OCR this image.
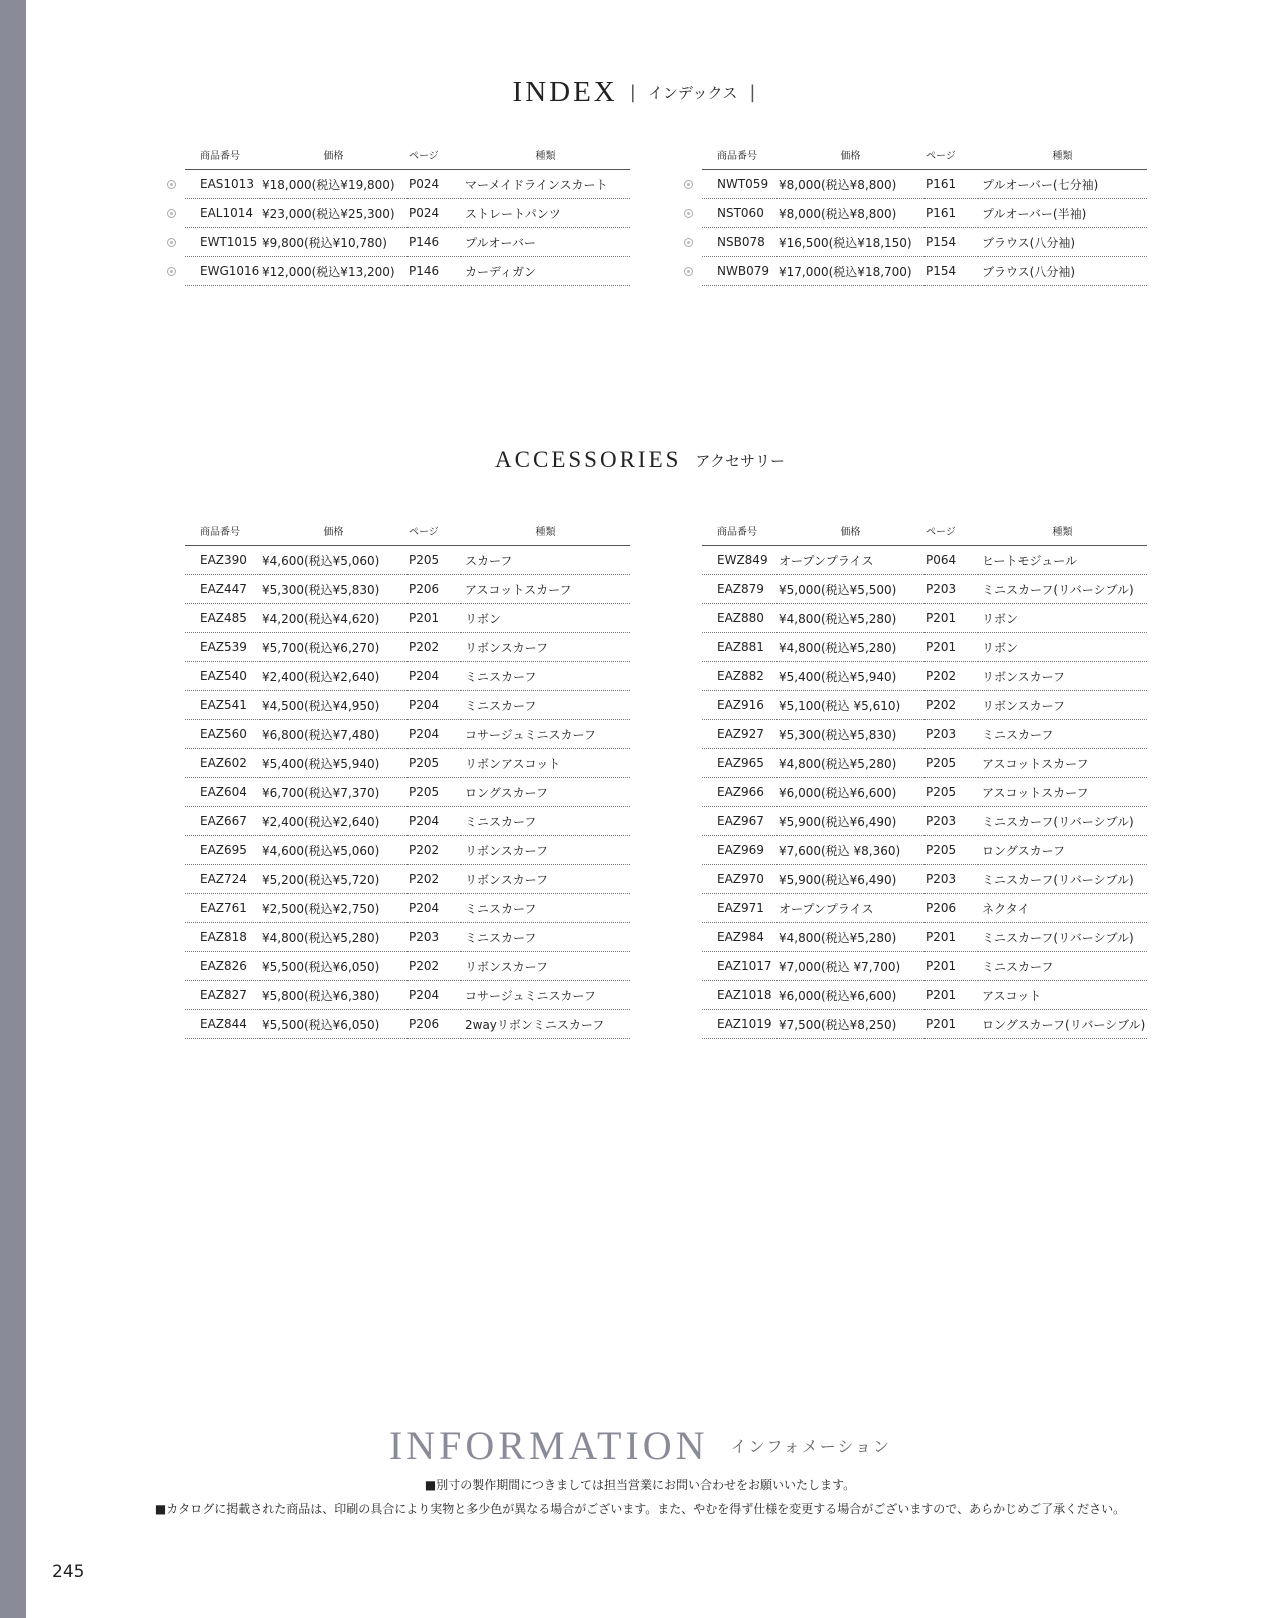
INDEX | インデックス |
商品番号	価格	ページ	種類
EAS1013	¥18,000(税込¥19,800)	P024	マーメイドラインスカート
EAL1014	¥23,000(税込¥25,300)	P024	ストレートパンツ
EWT1015	¥9,800(税込¥10,780)	P146	プルオーバー
EWG1016	¥12,000(税込¥13,200)	P146	カーディガン
商品番号	価格	ページ	種類
NWT059	¥8,000(税込¥8,800)	P161	プルオーバー(七分袖)
NST060	¥8,000(税込¥8,800)	P161	プルオーバー(半袖)
NSB078	¥16,500(税込¥18,150)	P154	ブラウス(八分袖)
NWB079	¥17,000(税込¥18,700)	P154	ブラウス(八分袖)
ACCESSORIES アクセサリー
商品番号	価格	ページ	種類
EAZ390	¥4,600(税込¥5,060)	P205	スカーフ
EAZ447	¥5,300(税込¥5,830)	P206	アスコットスカーフ
EAZ485	¥4,200(税込¥4,620)	P201	リボン
EAZ539	¥5,700(税込¥6,270)	P202	リボンスカーフ
EAZ540	¥2,400(税込¥2,640)	P204	ミニスカーフ
EAZ541	¥4,500(税込¥4,950)	P204	ミニスカーフ
EAZ560	¥6,800(税込¥7,480)	P204	コサージュミニスカーフ
EAZ602	¥5,400(税込¥5,940)	P205	リボンアスコット
EAZ604	¥6,700(税込¥7,370)	P205	ロングスカーフ
EAZ667	¥2,400(税込¥2,640)	P204	ミニスカーフ
EAZ695	¥4,600(税込¥5,060)	P202	リボンスカーフ
EAZ724	¥5,200(税込¥5,720)	P202	リボンスカーフ
EAZ761	¥2,500(税込¥2,750)	P204	ミニスカーフ
EAZ818	¥4,800(税込¥5,280)	P203	ミニスカーフ
EAZ826	¥5,500(税込¥6,050)	P202	リボンスカーフ
EAZ827	¥5,800(税込¥6,380)	P204	コサージュミニスカーフ
EAZ844	¥5,500(税込¥6,050)	P206	2wayリボンミニスカーフ
商品番号	価格	ページ	種類
EWZ849	オープンプライス	P064	ヒートモジュール
EAZ879	¥5,000(税込¥5,500)	P203	ミニスカーフ(リバーシブル)
EAZ880	¥4,800(税込¥5,280)	P201	リボン
EAZ881	¥4,800(税込¥5,280)	P201	リボン
EAZ882	¥5,400(税込¥5,940)	P202	リボンスカーフ
EAZ916	¥5,100(税込 ¥5,610)	P202	リボンスカーフ
EAZ927	¥5,300(税込¥5,830)	P203	ミニスカーフ
EAZ965	¥4,800(税込¥5,280)	P205	アスコットスカーフ
EAZ966	¥6,000(税込¥6,600)	P205	アスコットスカーフ
EAZ967	¥5,900(税込¥6,490)	P203	ミニスカーフ(リバーシブル)
EAZ969	¥7,600(税込 ¥8,360)	P205	ロングスカーフ
EAZ970	¥5,900(税込¥6,490)	P203	ミニスカーフ(リバーシブル)
EAZ971	オープンプライス	P206	ネクタイ
EAZ984	¥4,800(税込¥5,280)	P201	ミニスカーフ(リバーシブル)
EAZ1017	¥7,000(税込 ¥7,700)	P201	ミニスカーフ
EAZ1018	¥6,000(税込¥6,600)	P201	アスコット
EAZ1019	¥7,500(税込¥8,250)	P201	ロングスカーフ(リバーシブル)
INFORMATION インフォメーション
■別寸の製作期間につきましては担当営業にお問い合わせをお願いいたします。
■カタログに掲載された商品は、印刷の具合により実物と多少色が異なる場合がございます。また、やむを得ず仕様を変更する場合がございますので、あらかじめご了承ください。
245
